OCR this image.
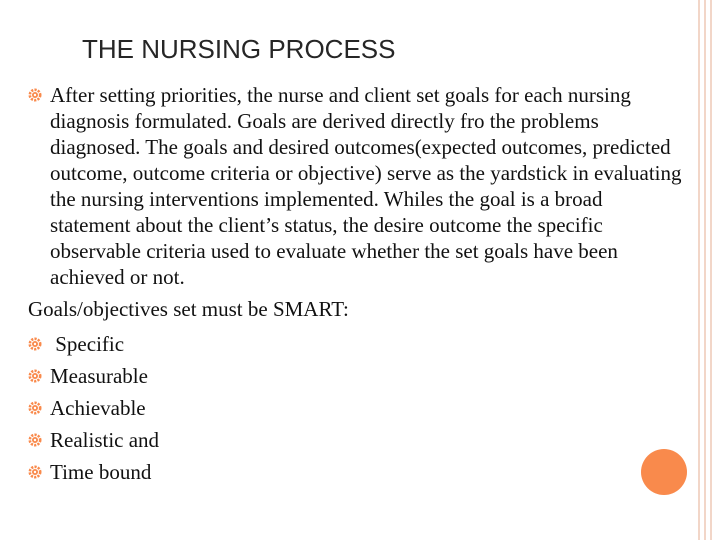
THE NURSING PROCESS

After setting priorities, the nurse and client set goals for each nursing diagnosis formulated. Goals are derived directly fro the problems diagnosed. The goals and desired outcomes(expected outcomes, predicted outcome, outcome criteria or objective) serve as the yardstick in evaluating the nursing interventions implemented. Whiles the goal is a broad statement about the client’s status, the desire outcome the specific observable criteria used to evaluate whether the set goals have been achieved or not.

Goals/objectives set must be SMART:

Specific
Measurable
Achievable
Realistic and
Time bound
